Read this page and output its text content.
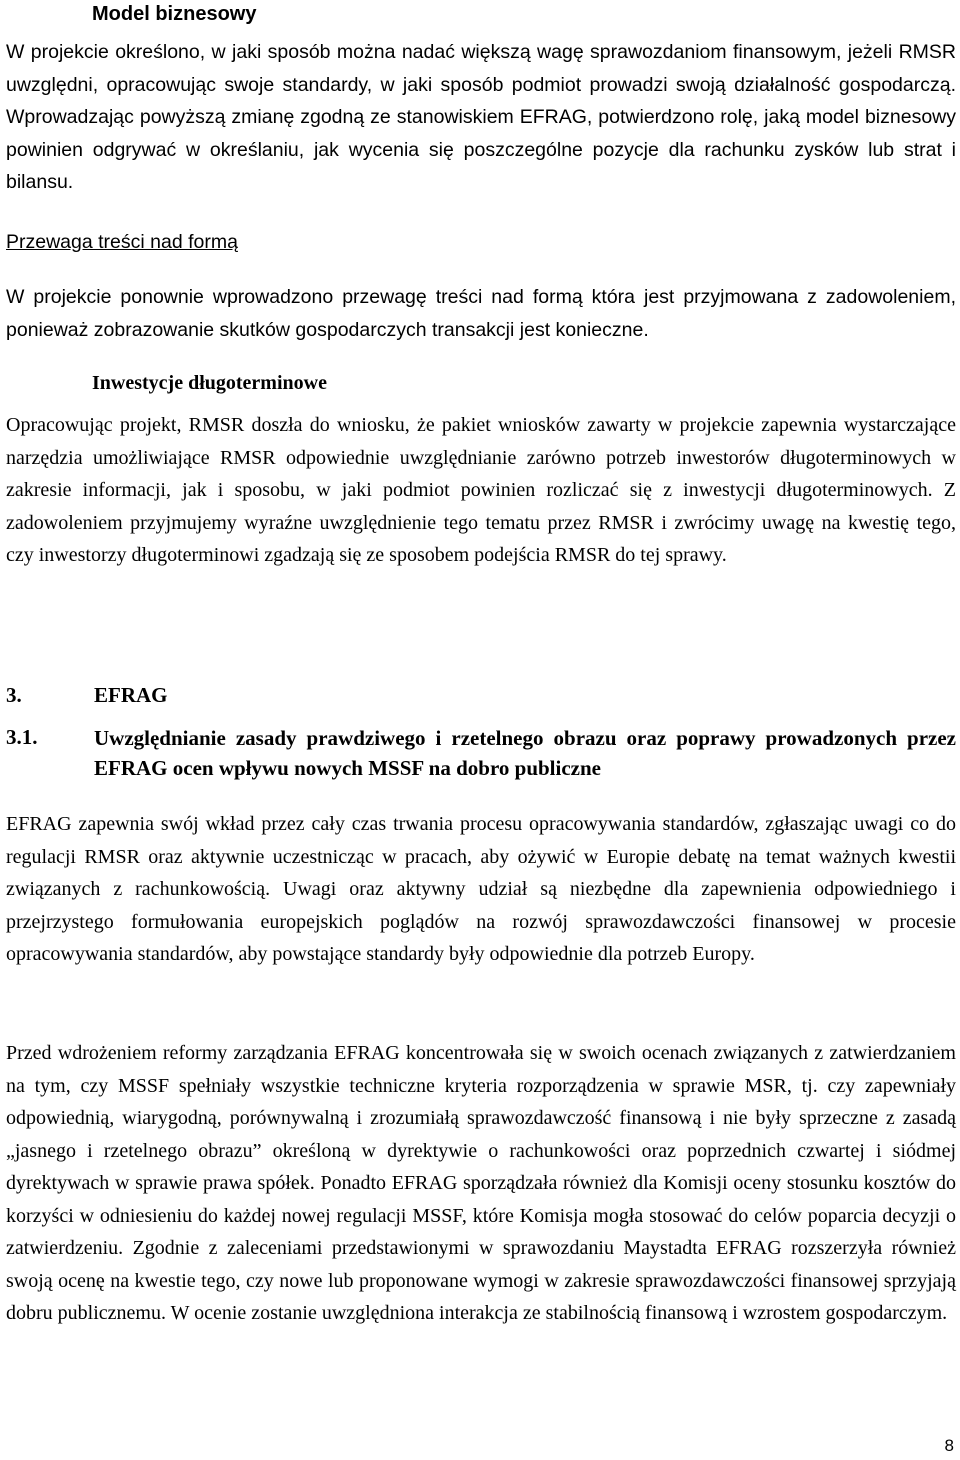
Model biznesowy

W projekcie określono, w jaki sposób można nadać większą wagę sprawozdaniom finansowym, jeżeli RMSR uwzględni, opracowując swoje standardy, w jaki sposób podmiot prowadzi swoją działalność gospodarczą. Wprowadzając powyższą zmianę zgodną ze stanowiskiem EFRAG, potwierdzono rolę, jaką model biznesowy powinien odgrywać w określaniu, jak wycenia się poszczególne pozycje dla rachunku zysków lub strat i bilansu.

Przewaga treści nad formą

W projekcie ponownie wprowadzono przewagę treści nad formą która jest przyjmowana z zadowoleniem, ponieważ zobrazowanie skutków gospodarczych transakcji jest konieczne.

Inwestycje długoterminowe

Opracowując projekt, RMSR doszła do wniosku, że pakiet wniosków zawarty w projekcie zapewnia wystarczające narzędzia umożliwiające RMSR odpowiednie uwzględnianie zarówno potrzeb inwestorów długoterminowych w zakresie informacji, jak i sposobu, w jaki podmiot powinien rozliczać się z inwestycji długoterminowych. Z zadowoleniem przyjmujemy wyraźne uwzględnienie tego tematu przez RMSR i zwrócimy uwagę na kwestię tego, czy inwestorzy długoterminowi zgadzają się ze sposobem podejścia RMSR do tej sprawy.

3.	EFRAG
3.1.	Uwzględnianie zasady prawdziwego i rzetelnego obrazu oraz poprawy prowadzonych przez EFRAG ocen wpływu nowych MSSF na dobro publiczne

EFRAG zapewnia swój wkład przez cały czas trwania procesu opracowywania standardów, zgłaszając uwagi co do regulacji RMSR oraz aktywnie uczestnicząc w pracach, aby ożywić w Europie debatę na temat ważnych kwestii związanych z rachunkowością. Uwagi oraz aktywny udział są niezbędne dla zapewnienia odpowiedniego i przejrzystego formułowania europejskich poglądów na rozwój sprawozdawczości finansowej w procesie opracowywania standardów, aby powstające standardy były odpowiednie dla potrzeb Europy.

Przed wdrożeniem reformy zarządzania EFRAG koncentrowała się w swoich ocenach związanych z zatwierdzaniem na tym, czy MSSF spełniały wszystkie techniczne kryteria rozporządzenia w sprawie MSR, tj. czy zapewniały odpowiednią, wiarygodną, porównywalną i zrozumiałą sprawozdawczość finansową i nie były sprzeczne z zasadą „jasnego i rzetelnego obrazu” określoną w dyrektywie o rachunkowości oraz poprzednich czwartej i siódmej dyrektywach w sprawie prawa spółek. Ponadto EFRAG sporządzała również dla Komisji oceny stosunku kosztów do korzyści w odniesieniu do każdej nowej regulacji MSSF, które Komisja mogła stosować do celów poparcia decyzji o zatwierdzeniu. Zgodnie z zaleceniami przedstawionymi w sprawozdaniu Maystadta EFRAG rozszerzyła również swoją ocenę na kwestie tego, czy nowe lub proponowane wymogi w zakresie sprawozdawczości finansowej sprzyjają dobru publicznemu. W ocenie zostanie uwzględniona interakcja ze stabilnością finansową i wzrostem gospodarczym.

8
